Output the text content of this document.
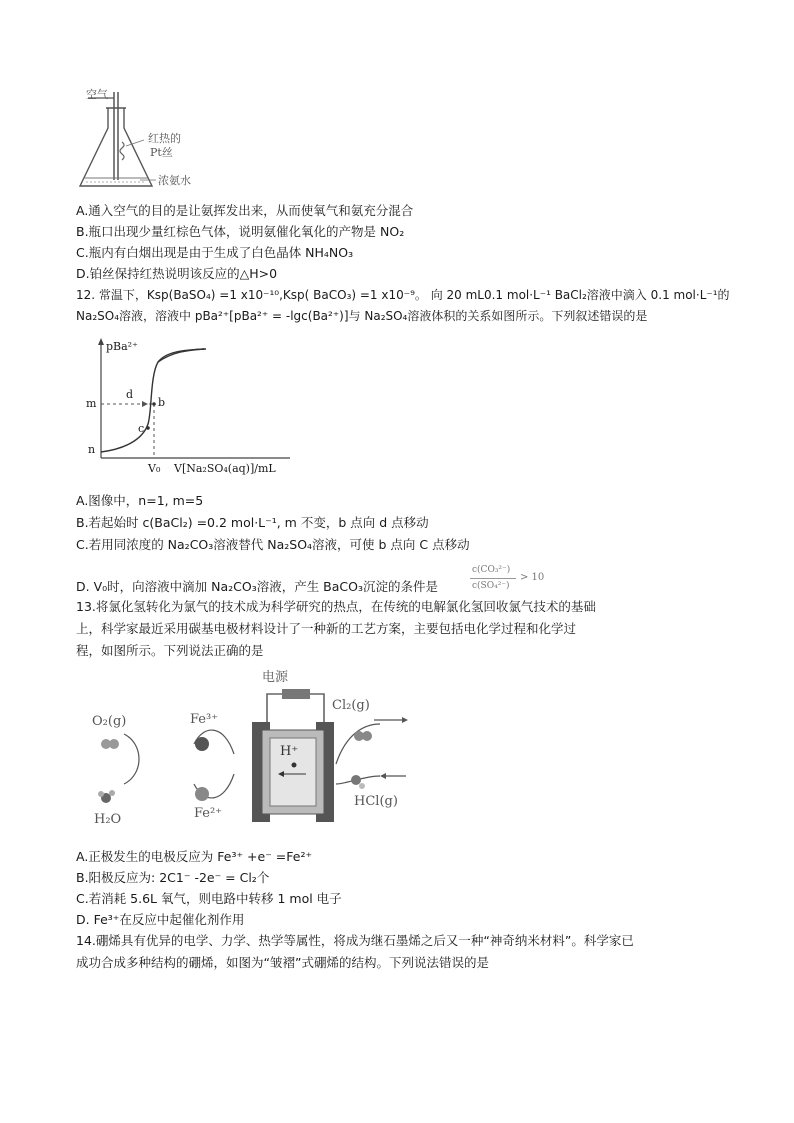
空气
红热的
Pt丝
浓氨水
A.通入空气的目的是让氨挥发出来，从而使氧气和氨充分混合
B.瓶口出现少量红棕色气体，说明氨催化氧化的产物是 NO₂
C.瓶内有白烟出现是由于生成了白色晶体 NH₄NO₃
D.铂丝保持红热说明该反应的△H>0
12. 常温下，Ksp(BaSO₄) =1 x10⁻¹⁰,Ksp( BaCO₃) =1 x10⁻⁹。 向 20 mL0.1 mol·L⁻¹ BaCl₂溶液中滴入 0.1 mol·L⁻¹的
Na₂SO₄溶液，溶液中 pBa²⁺[pBa²⁺ = -lgc(Ba²⁺)]与 Na₂SO₄溶液体积的关系如图所示。下列叙述错误的是
pBa²⁺
m
n
d
b
c
V₀ V[Na₂SO₄(aq)]/mL
A.图像中，n=1, m=5
B.若起始时 c(BaCl₂) =0.2 mol·L⁻¹, m 不变，b 点向 d 点移动
C.若用同浓度的 Na₂CO₃溶液替代 Na₂SO₄溶液，可使 b 点向 C 点移动
D. V₀时，向溶液中滴加 Na₂CO₃溶液，产生 BaCO₃沉淀的条件是
c(CO₃²⁻)
c(SO₄²⁻)
> 10
13.将氯化氢转化为氯气的技术成为科学研究的热点，在传统的电解氯化氢回收氯气技术的基础
上，科学家最近采用碳基电极材料设计了一种新的工艺方案，主要包括电化学过程和化学过
程，如图所示。下列说法正确的是
电源
O₂(g)	Fe³⁺
Fe²⁺
H₂O
H⁺
Cl₂(g)
HCl(g)
A.正极发生的电极反应为 Fe³⁺ +e⁻ =Fe²⁺
B.阳极反应为: 2C1⁻ -2e⁻ = Cl₂个
C.若消耗 5.6L 氧气，则电路中转移 1 mol 电子
D. Fe³⁺在反应中起催化剂作用
14.硼烯具有优异的电学、力学、热学等属性，将成为继石墨烯之后又一种“神奇纳米材料”。科学家已
成功合成多种结构的硼烯，如图为“皱褶”式硼烯的结构。下列说法错误的是
